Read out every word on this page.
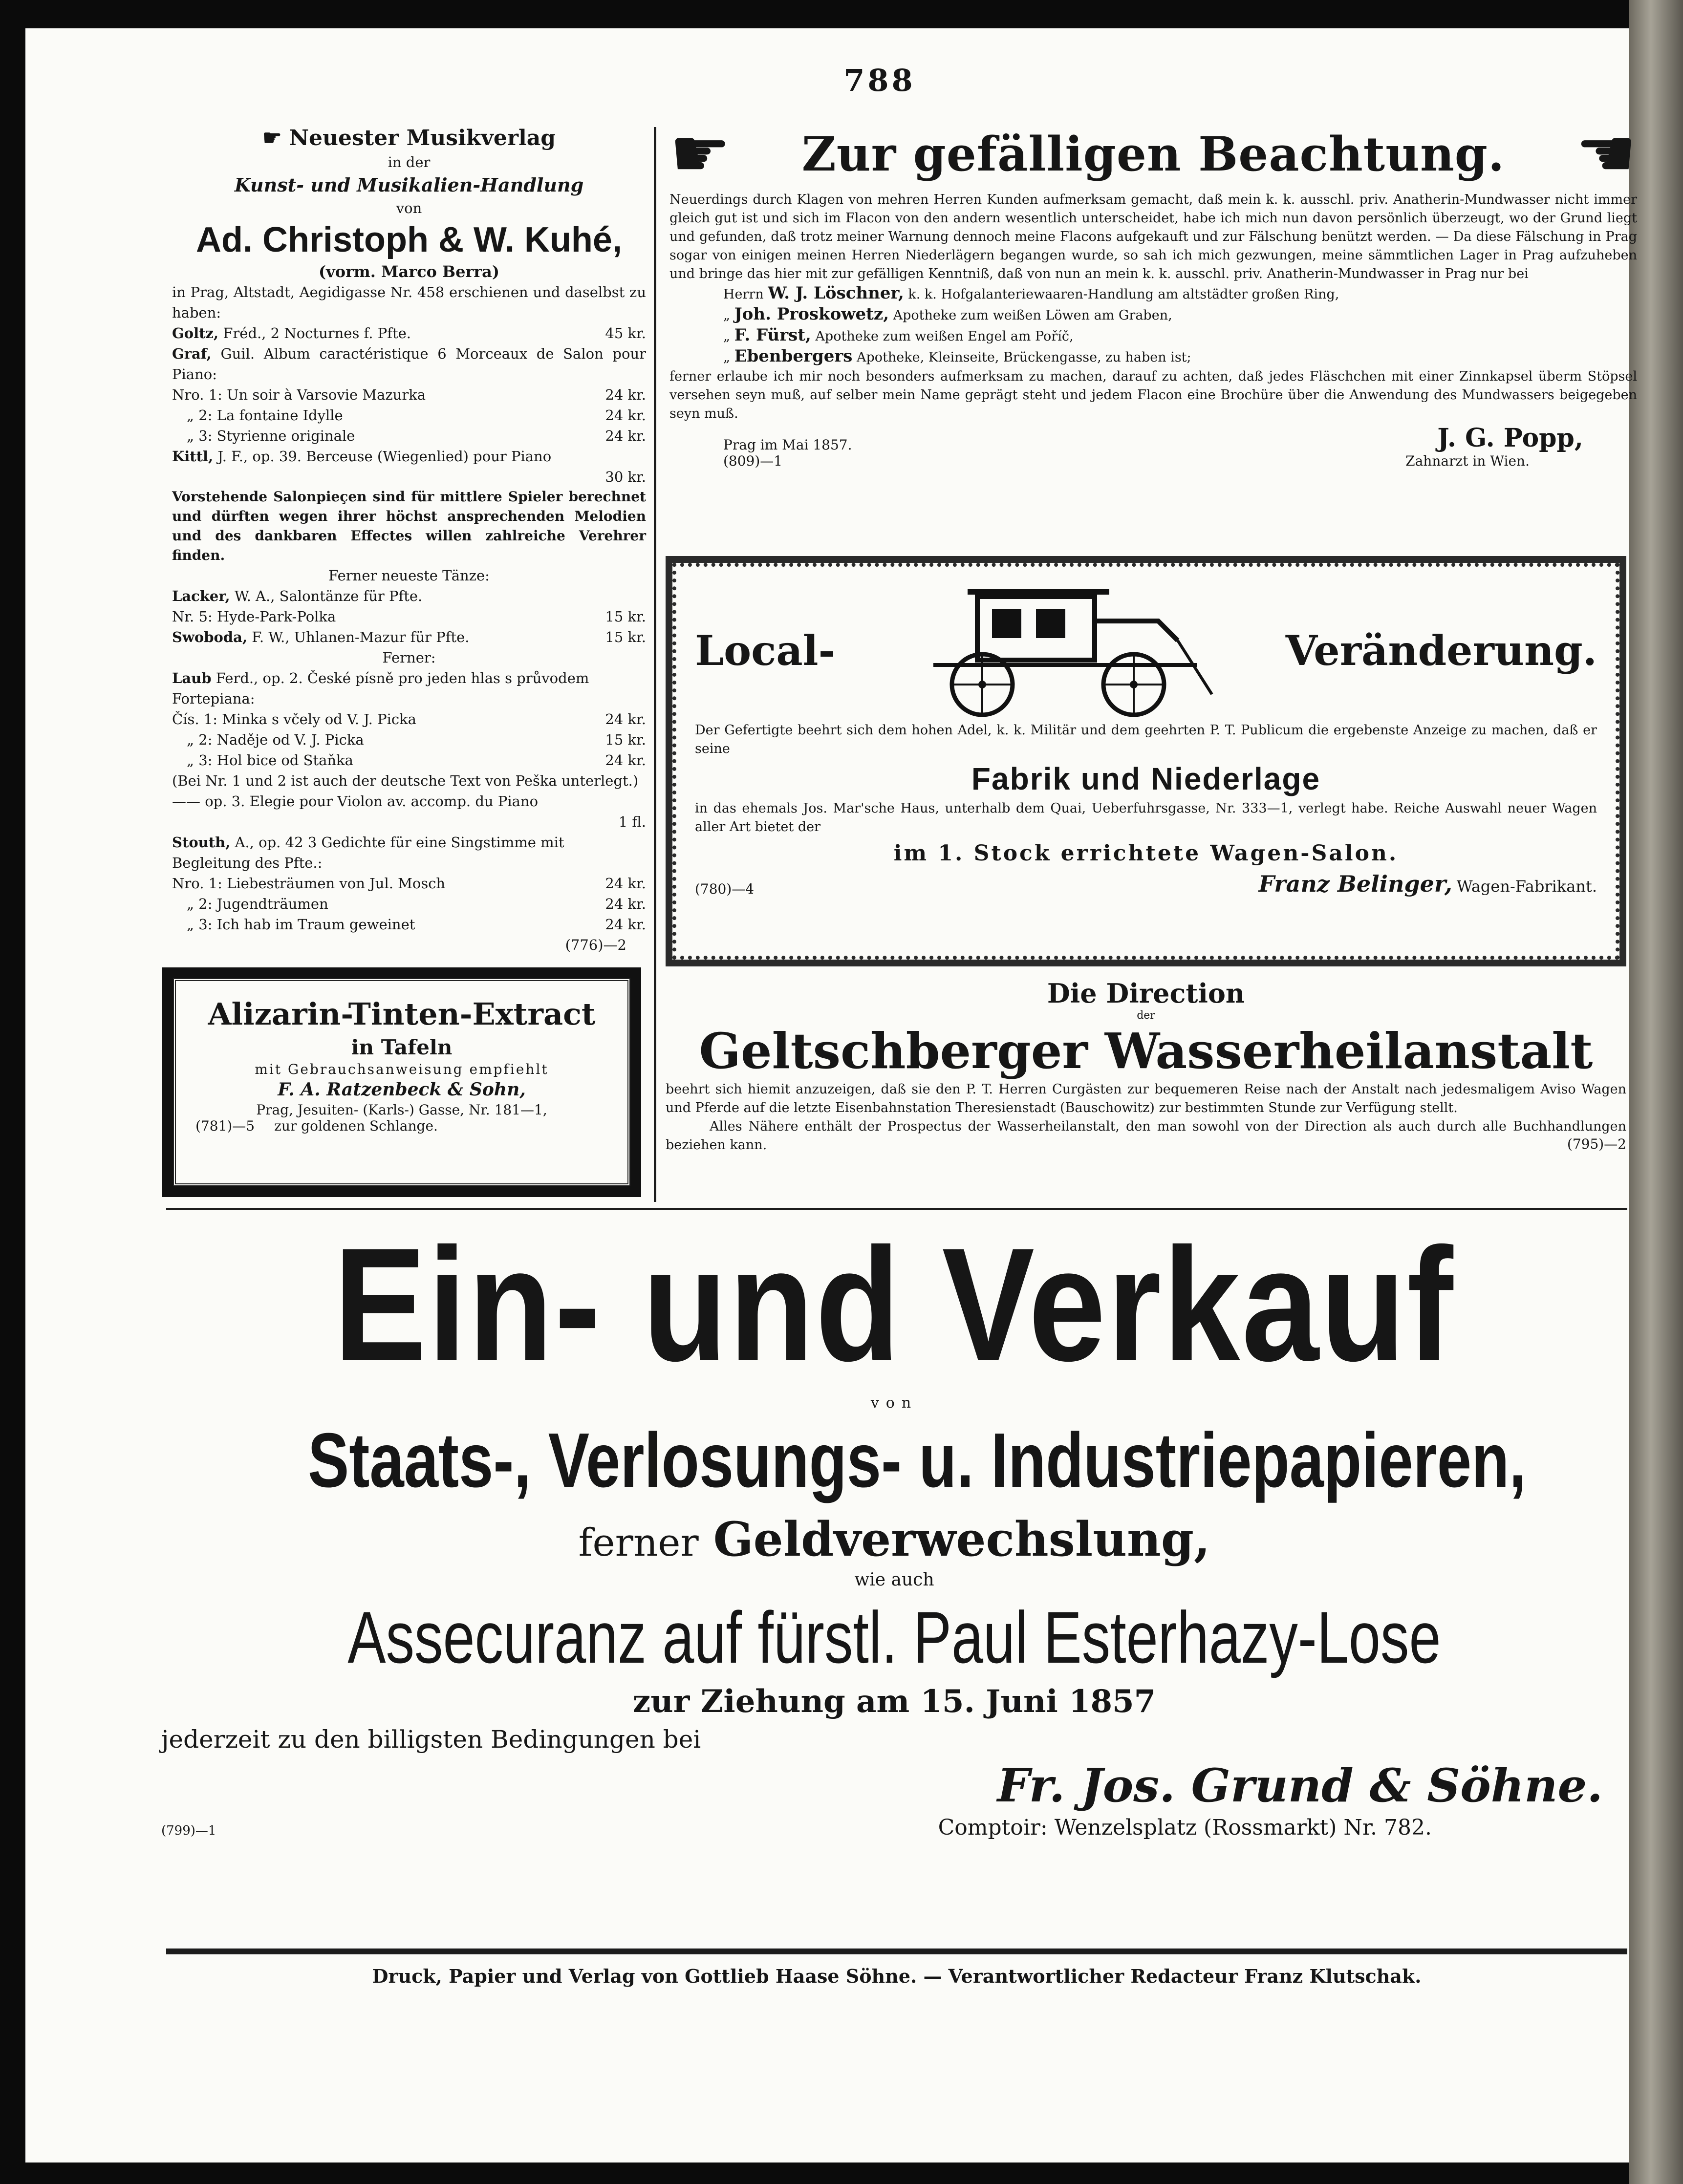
788
☛ Neuester Musikverlag
in der
Kunst- und Musikalien-Handlung
von
Ad. Christoph & W. Kuhé,
(vorm. Marco Berra)
in Prag, Altstadt, Aegidigasse Nr. 458 erschienen und daselbst zu haben:
Goltz, Fréd., 2 Nocturnes f. Pfte.	45 kr.
Graf, Guil. Album caractéristique 6 Morceaux de Salon pour Piano:
Nro. 1: Un soir à Varsovie Mazurka	24 kr.
„ 2: La fontaine Idylle	24 kr.
„ 3: Styrienne originale	24 kr.
Kittl, J. F., op. 39. Berceuse (Wiegenlied) pour Piano
30 kr.
Vorstehende Salonpieçen sind für mittlere Spieler berechnet und dürften wegen ihrer höchst ansprechenden Melodien und des dankbaren Effectes willen zahlreiche Verehrer finden.
Ferner neueste Tänze:
Lacker, W. A., Salontänze für Pfte.
Nr. 5: Hyde-Park-Polka	15 kr.
Swoboda, F. W., Uhlanen-Mazur für Pfte.	15 kr.
Ferner:
Laub Ferd., op. 2. České písně pro jeden hlas s průvodem Fortepiana:
Čís. 1: Minka s včely od V. J. Picka	24 kr.
„ 2: Naděje od V. J. Picka	15 kr.
„ 3: Hol bice od Staňka	24 kr.
(Bei Nr. 1 und 2 ist auch der deutsche Text von Peška unterlegt.)
—— op. 3. Elegie pour Violon av. accomp. du Piano
1 fl.
Stouth, A., op. 42 3 Gedichte für eine Singstimme mit Begleitung des Pfte.:
Nro. 1: Liebesträumen von Jul. Mosch	24 kr.
„ 2: Jugendträumen	24 kr.
„ 3: Ich hab im Traum geweinet	24 kr.
(776)—2
Alizarin-Tinten-Extract
in Tafeln
mit Gebrauchsanweisung empfiehlt
F. A. Ratzenbeck & Sohn,
Prag, Jesuiten- (Karls-) Gasse, Nr. 181—1,
(781)—5 zur goldenen Schlange.
☛ Zur gefälligen Beachtung. ☛
Neuerdings durch Klagen von mehren Herren Kunden aufmerksam gemacht, daß mein k. k. ausschl. priv. Anatherin-Mundwasser nicht immer gleich gut ist und sich im Flacon von den andern wesentlich unterscheidet, habe ich mich nun davon persönlich überzeugt, wo der Grund liegt und gefunden, daß trotz meiner Warnung dennoch meine Flacons aufgekauft und zur Fälschung benützt werden. — Da diese Fälschung in Prag sogar von einigen meinen Herren Niederlägern begangen wurde, so sah ich mich gezwungen, meine sämmtlichen Lager in Prag aufzuheben und bringe das hier mit zur gefälligen Kenntniß, daß von nun an mein k. k. ausschl. priv. Anatherin-Mundwasser in Prag nur bei
Herrn W. J. Löschner, k. k. Hofgalanteriewaaren-Handlung am altstädter großen Ring,
„ Joh. Proskowetz, Apotheke zum weißen Löwen am Graben,
„ F. Fürst, Apotheke zum weißen Engel am Poříč,
„ Ebenbergers Apotheke, Kleinseite, Brückengasse, zu haben ist;
ferner erlaube ich mir noch besonders aufmerksam zu machen, darauf zu achten, daß jedes Fläschchen mit einer Zinnkapsel überm Stöpsel versehen seyn muß, auf selber mein Name geprägt steht und jedem Flacon eine Brochüre über die Anwendung des Mundwassers beigegeben seyn muß.
Prag im Mai 1857.	J. G. Popp,
(809)—1	Zahnarzt in Wien.
Local-	Veränderung.
Der Gefertigte beehrt sich dem hohen Adel, k. k. Militär und dem geehrten P. T. Publicum die ergebenste Anzeige zu machen, daß er seine
Fabrik und Niederlage
in das ehemals Jos. Mar'sche Haus, unterhalb dem Quai, Ueberfuhrsgasse, Nr. 333—1, verlegt habe. Reiche Auswahl neuer Wagen aller Art bietet der
im 1. Stock errichtete Wagen-Salon.
(780)—4	Franz Belinger, Wagen-Fabrikant.
Die Direction
der
Geltschberger Wasserheilanstalt
beehrt sich hiemit anzuzeigen, daß sie den P. T. Herren Curgästen zur bequemeren Reise nach der Anstalt nach jedesmaligem Aviso Wagen und Pferde auf die letzte Eisenbahnstation Theresienstadt (Bauschowitz) zur bestimmten Stunde zur Verfügung stellt.
Alles Nähere enthält der Prospectus der Wasserheilanstalt, den man sowohl von der Direction als auch durch alle Buchhandlungen beziehen kann.	(795)—2
Ein- und Verkauf
von
Staats-, Verlosungs- u. Industriepapieren,
ferner Geldverwechslung,
wie auch
Assecuranz auf fürstl. Paul Esterhazy-Lose
zur Ziehung am 15. Juni 1857
jederzeit zu den billigsten Bedingungen bei
Fr. Jos. Grund & Söhne.
(799)—1	Comptoir: Wenzelsplatz (Rossmarkt) Nr. 782.
Druck, Papier und Verlag von Gottlieb Haase Söhne. — Verantwortlicher Redacteur Franz Klutschak.
